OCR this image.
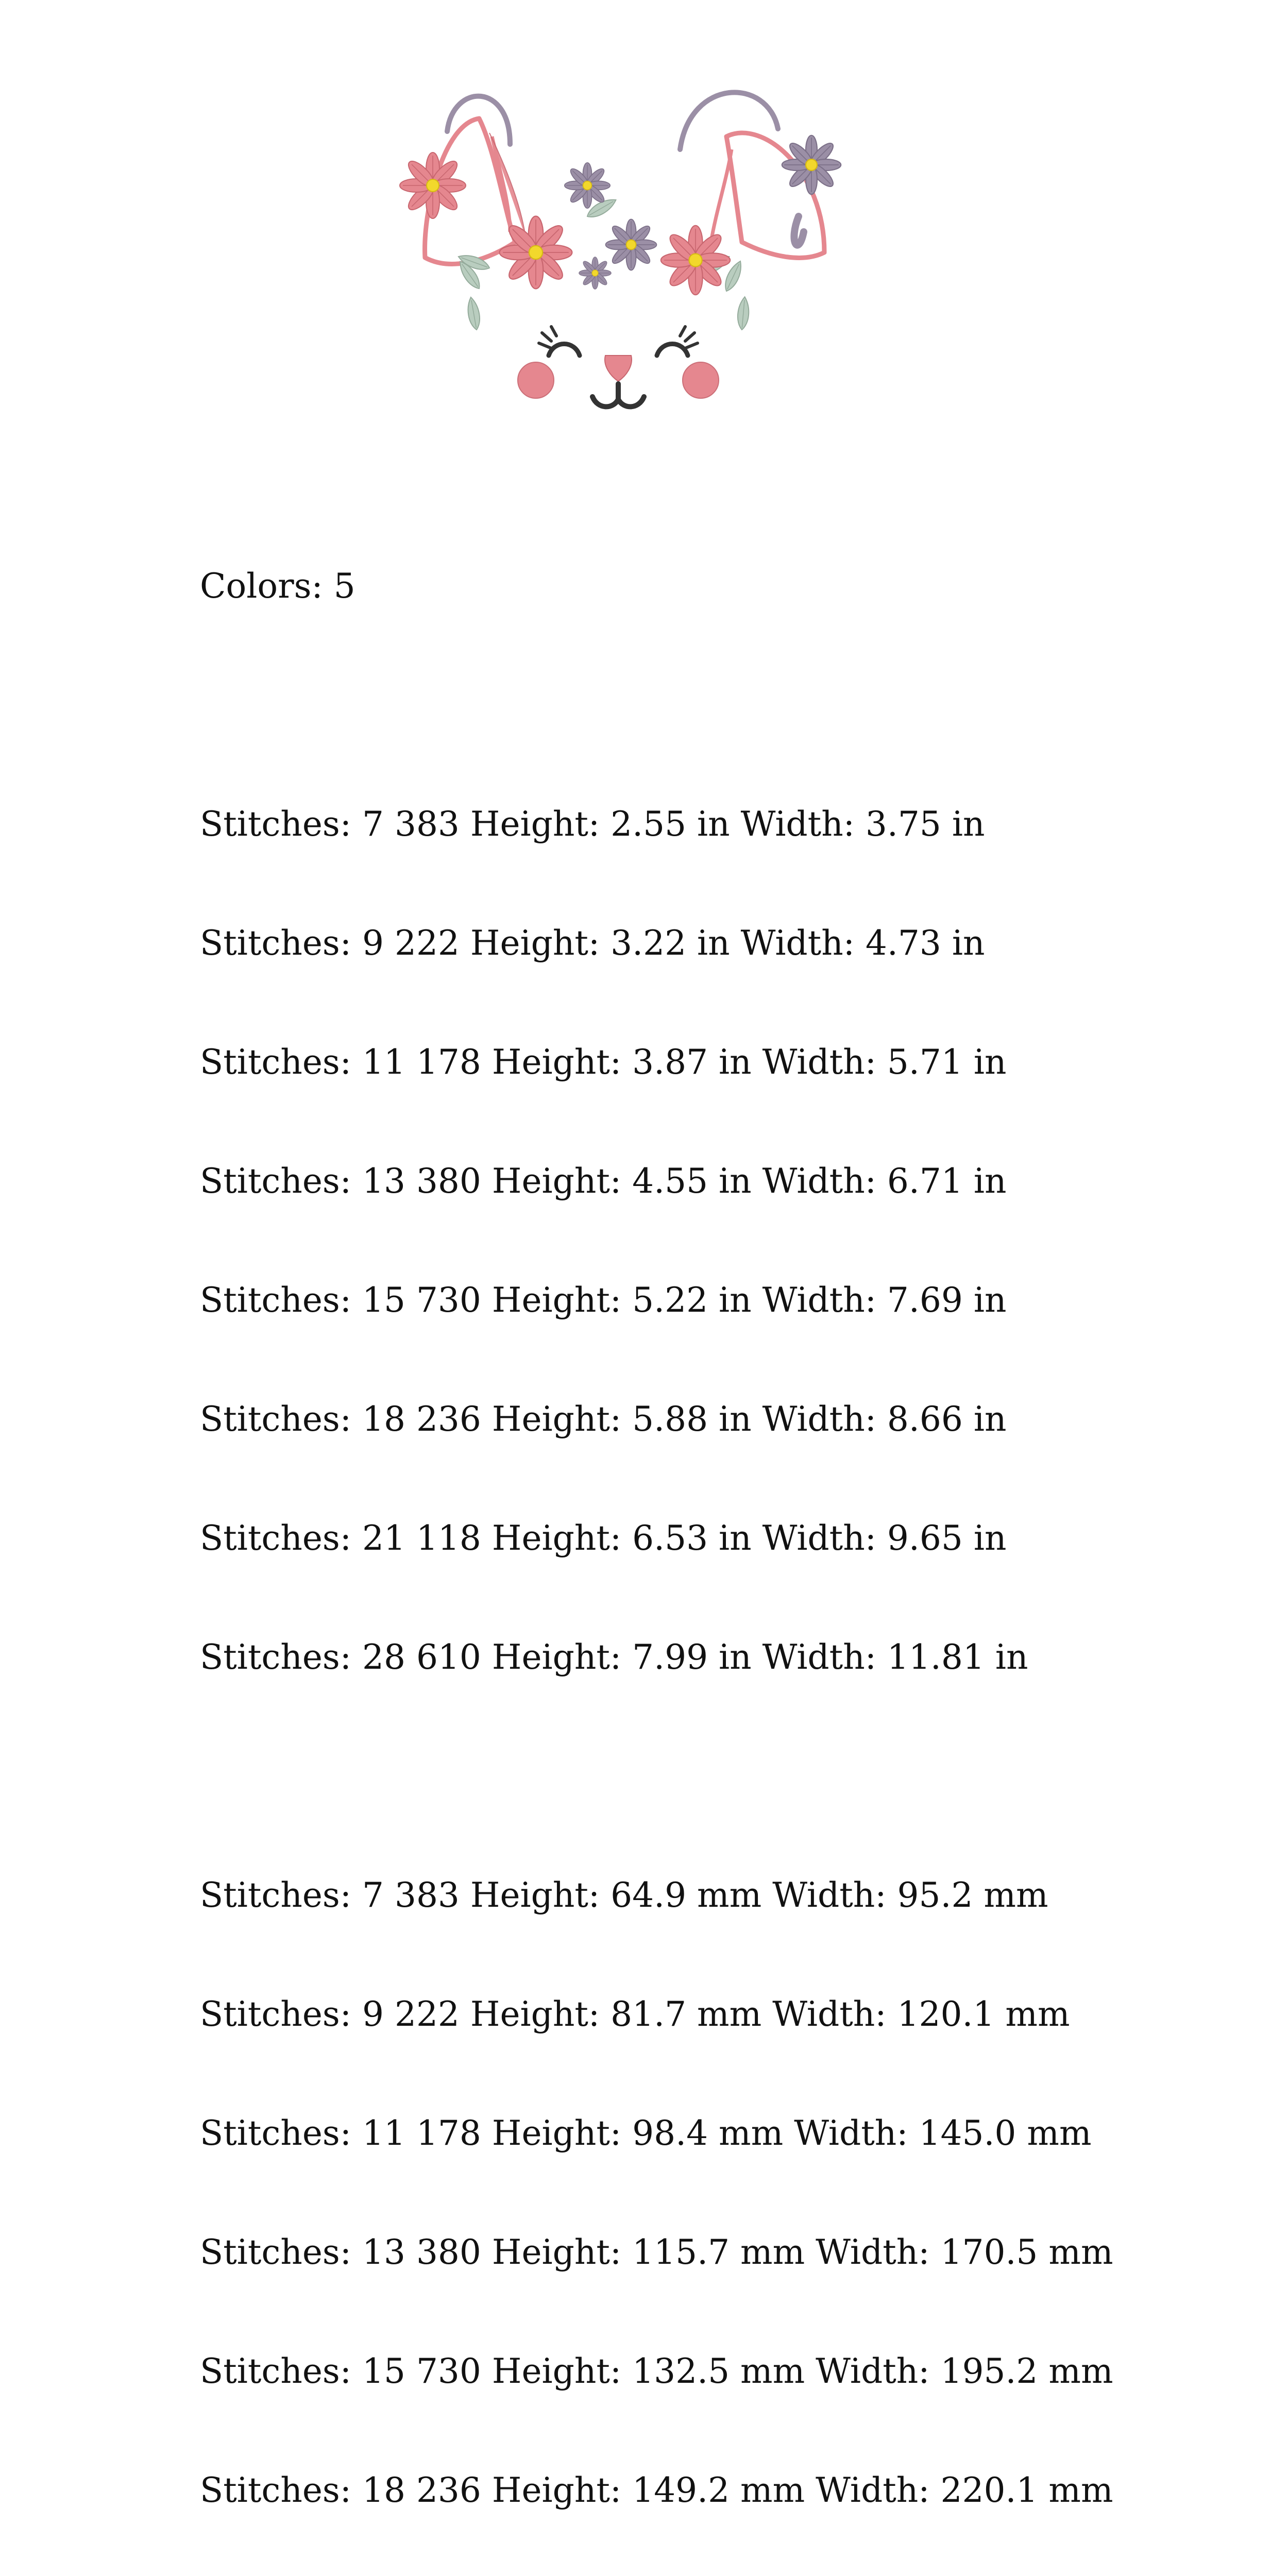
Colors: 5

Stitches: 7 383 Height: 2.55 in Width: 3.75 in

Stitches: 9 222 Height: 3.22 in Width: 4.73 in

Stitches: 11 178 Height: 3.87 in Width: 5.71 in

Stitches: 13 380 Height: 4.55 in Width: 6.71 in

Stitches: 15 730 Height: 5.22 in Width: 7.69 in

Stitches: 18 236 Height: 5.88 in Width: 8.66 in

Stitches: 21 118 Height: 6.53 in Width: 9.65 in

Stitches: 28 610 Height: 7.99 in Width: 11.81 in

Stitches: 7 383 Height: 64.9 mm Width: 95.2 mm

Stitches: 9 222 Height: 81.7 mm Width: 120.1 mm

Stitches: 11 178 Height: 98.4 mm Width: 145.0 mm

Stitches: 13 380 Height: 115.7 mm Width: 170.5 mm

Stitches: 15 730 Height: 132.5 mm Width: 195.2 mm

Stitches: 18 236 Height: 149.2 mm Width: 220.1 mm
